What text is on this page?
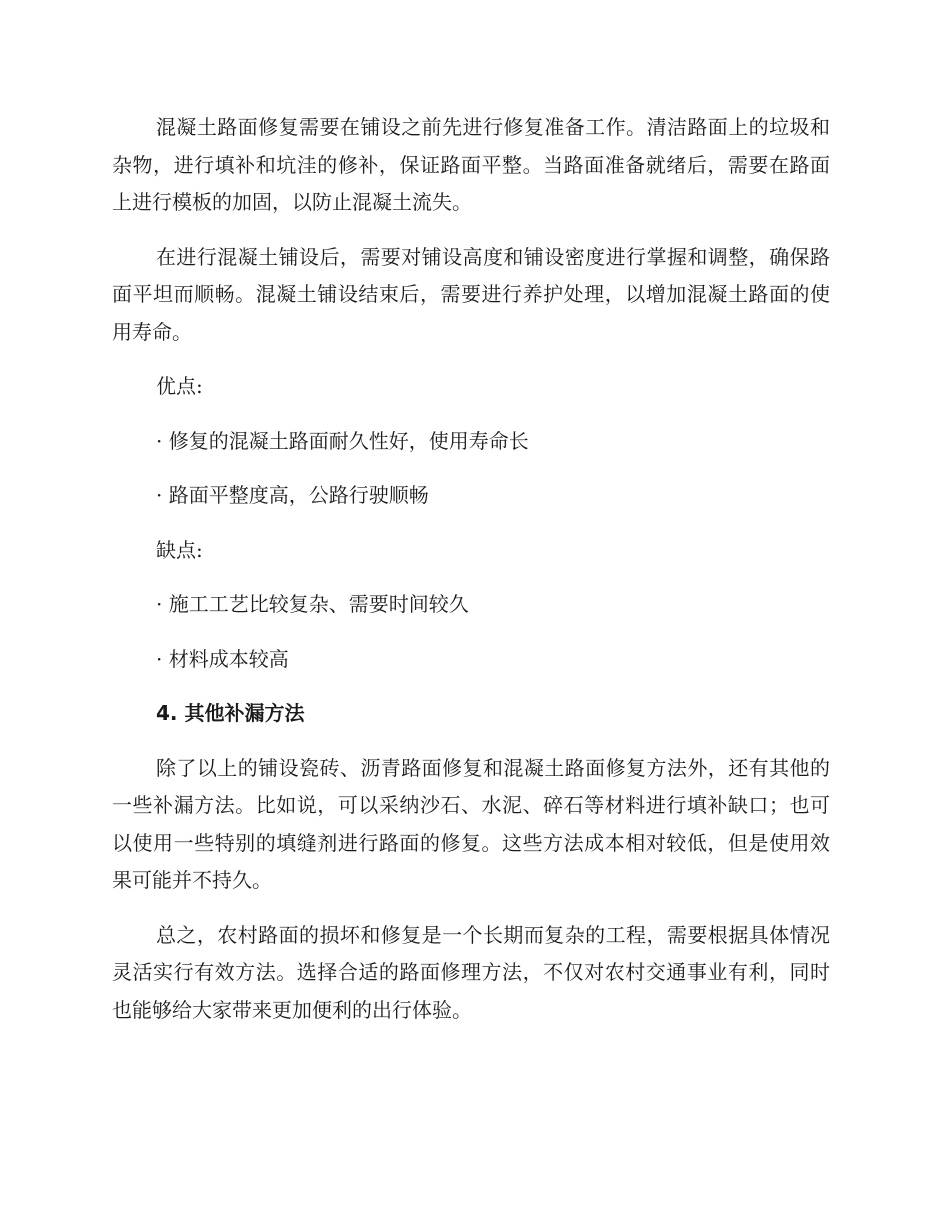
混凝土路面修复需要在铺设之前先进行修复准备工作。清洁路面上的垃圾和杂物，进行填补和坑洼的修补，保证路面平整。当路面准备就绪后，需要在路面上进行模板的加固，以防止混凝土流失。

在进行混凝土铺设后，需要对铺设高度和铺设密度进行掌握和调整，确保路面平坦而顺畅。混凝土铺设结束后，需要进行养护处理，以增加混凝土路面的使用寿命。

优点:
· 修复的混凝土路面耐久性好，使用寿命长
· 路面平整度高，公路行驶顺畅
缺点:
· 施工工艺比较复杂、需要时间较久
· 材料成本较高
4. 其他补漏方法

除了以上的铺设瓷砖、沥青路面修复和混凝土路面修复方法外，还有其他的一些补漏方法。比如说，可以采纳沙石、水泥、碎石等材料进行填补缺口；也可以使用一些特别的填缝剂进行路面的修复。这些方法成本相对较低，但是使用效果可能并不持久。

总之，农村路面的损坏和修复是一个长期而复杂的工程，需要根据具体情况灵活实行有效方法。选择合适的路面修理方法，不仅对农村交通事业有利，同时也能够给大家带来更加便利的出行体验。
